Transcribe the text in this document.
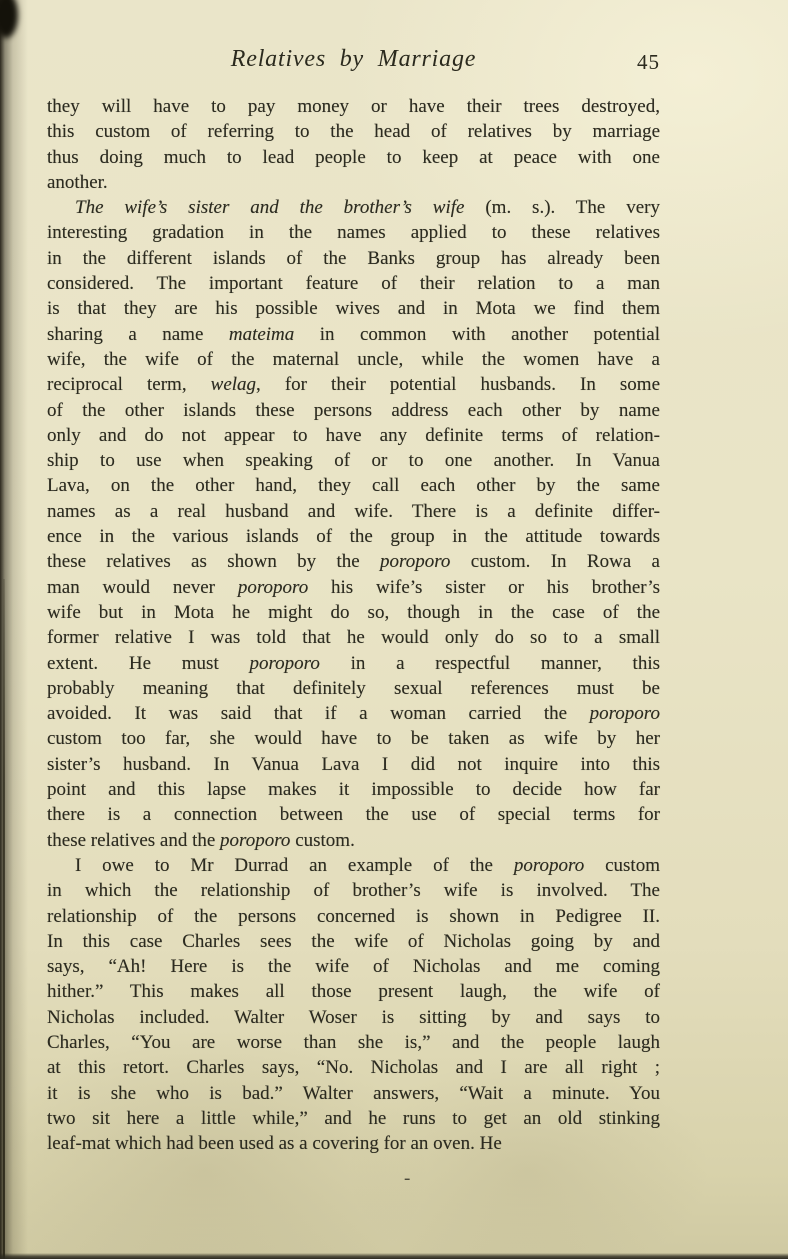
-
Relatives by Marriage	45
they will have to pay money or have their trees destroyed,
this custom of referring to the head of relatives by marriage
thus doing much to lead people to keep at peace with one
another.
The wife’s sister and the brother’s wife (m. s.). The very
interesting gradation in the names applied to these relatives
in the different islands of the Banks group has already been
considered. The important feature of their relation to a man
is that they are his possible wives and in Mota we find them
sharing a name mateima in common with another potential
wife, the wife of the maternal uncle, while the women have a
reciprocal term, welag, for their potential husbands. In some
of the other islands these persons address each other by name
only and do not appear to have any definite terms of relation-
ship to use when speaking of or to one another. In Vanua
Lava, on the other hand, they call each other by the same
names as a real husband and wife. There is a definite differ-
ence in the various islands of the group in the attitude towards
these relatives as shown by the poroporo custom. In Rowa a
man would never poroporo his wife’s sister or his brother’s
wife but in Mota he might do so, though in the case of the
former relative I was told that he would only do so to a small
extent. He must poroporo in a respectful manner, this
probably meaning that definitely sexual references must be
avoided. It was said that if a woman carried the poroporo
custom too far, she would have to be taken as wife by her
sister’s husband. In Vanua Lava I did not inquire into this
point and this lapse makes it impossible to decide how far
there is a connection between the use of special terms for
these relatives and the poroporo custom.
I owe to Mr Durrad an example of the poroporo custom
in which the relationship of brother’s wife is involved. The
relationship of the persons concerned is shown in Pedigree II.
In this case Charles sees the wife of Nicholas going by and
says, “Ah! Here is the wife of Nicholas and me coming
hither.” This makes all those present laugh, the wife of
Nicholas included. Walter Woser is sitting by and says to
Charles, “You are worse than she is,” and the people laugh
at this retort. Charles says, “No. Nicholas and I are all right ;
it is she who is bad.” Walter answers, “Wait a minute. You
two sit here a little while,” and he runs to get an old stinking
leaf-mat which had been used as a covering for an oven. He
